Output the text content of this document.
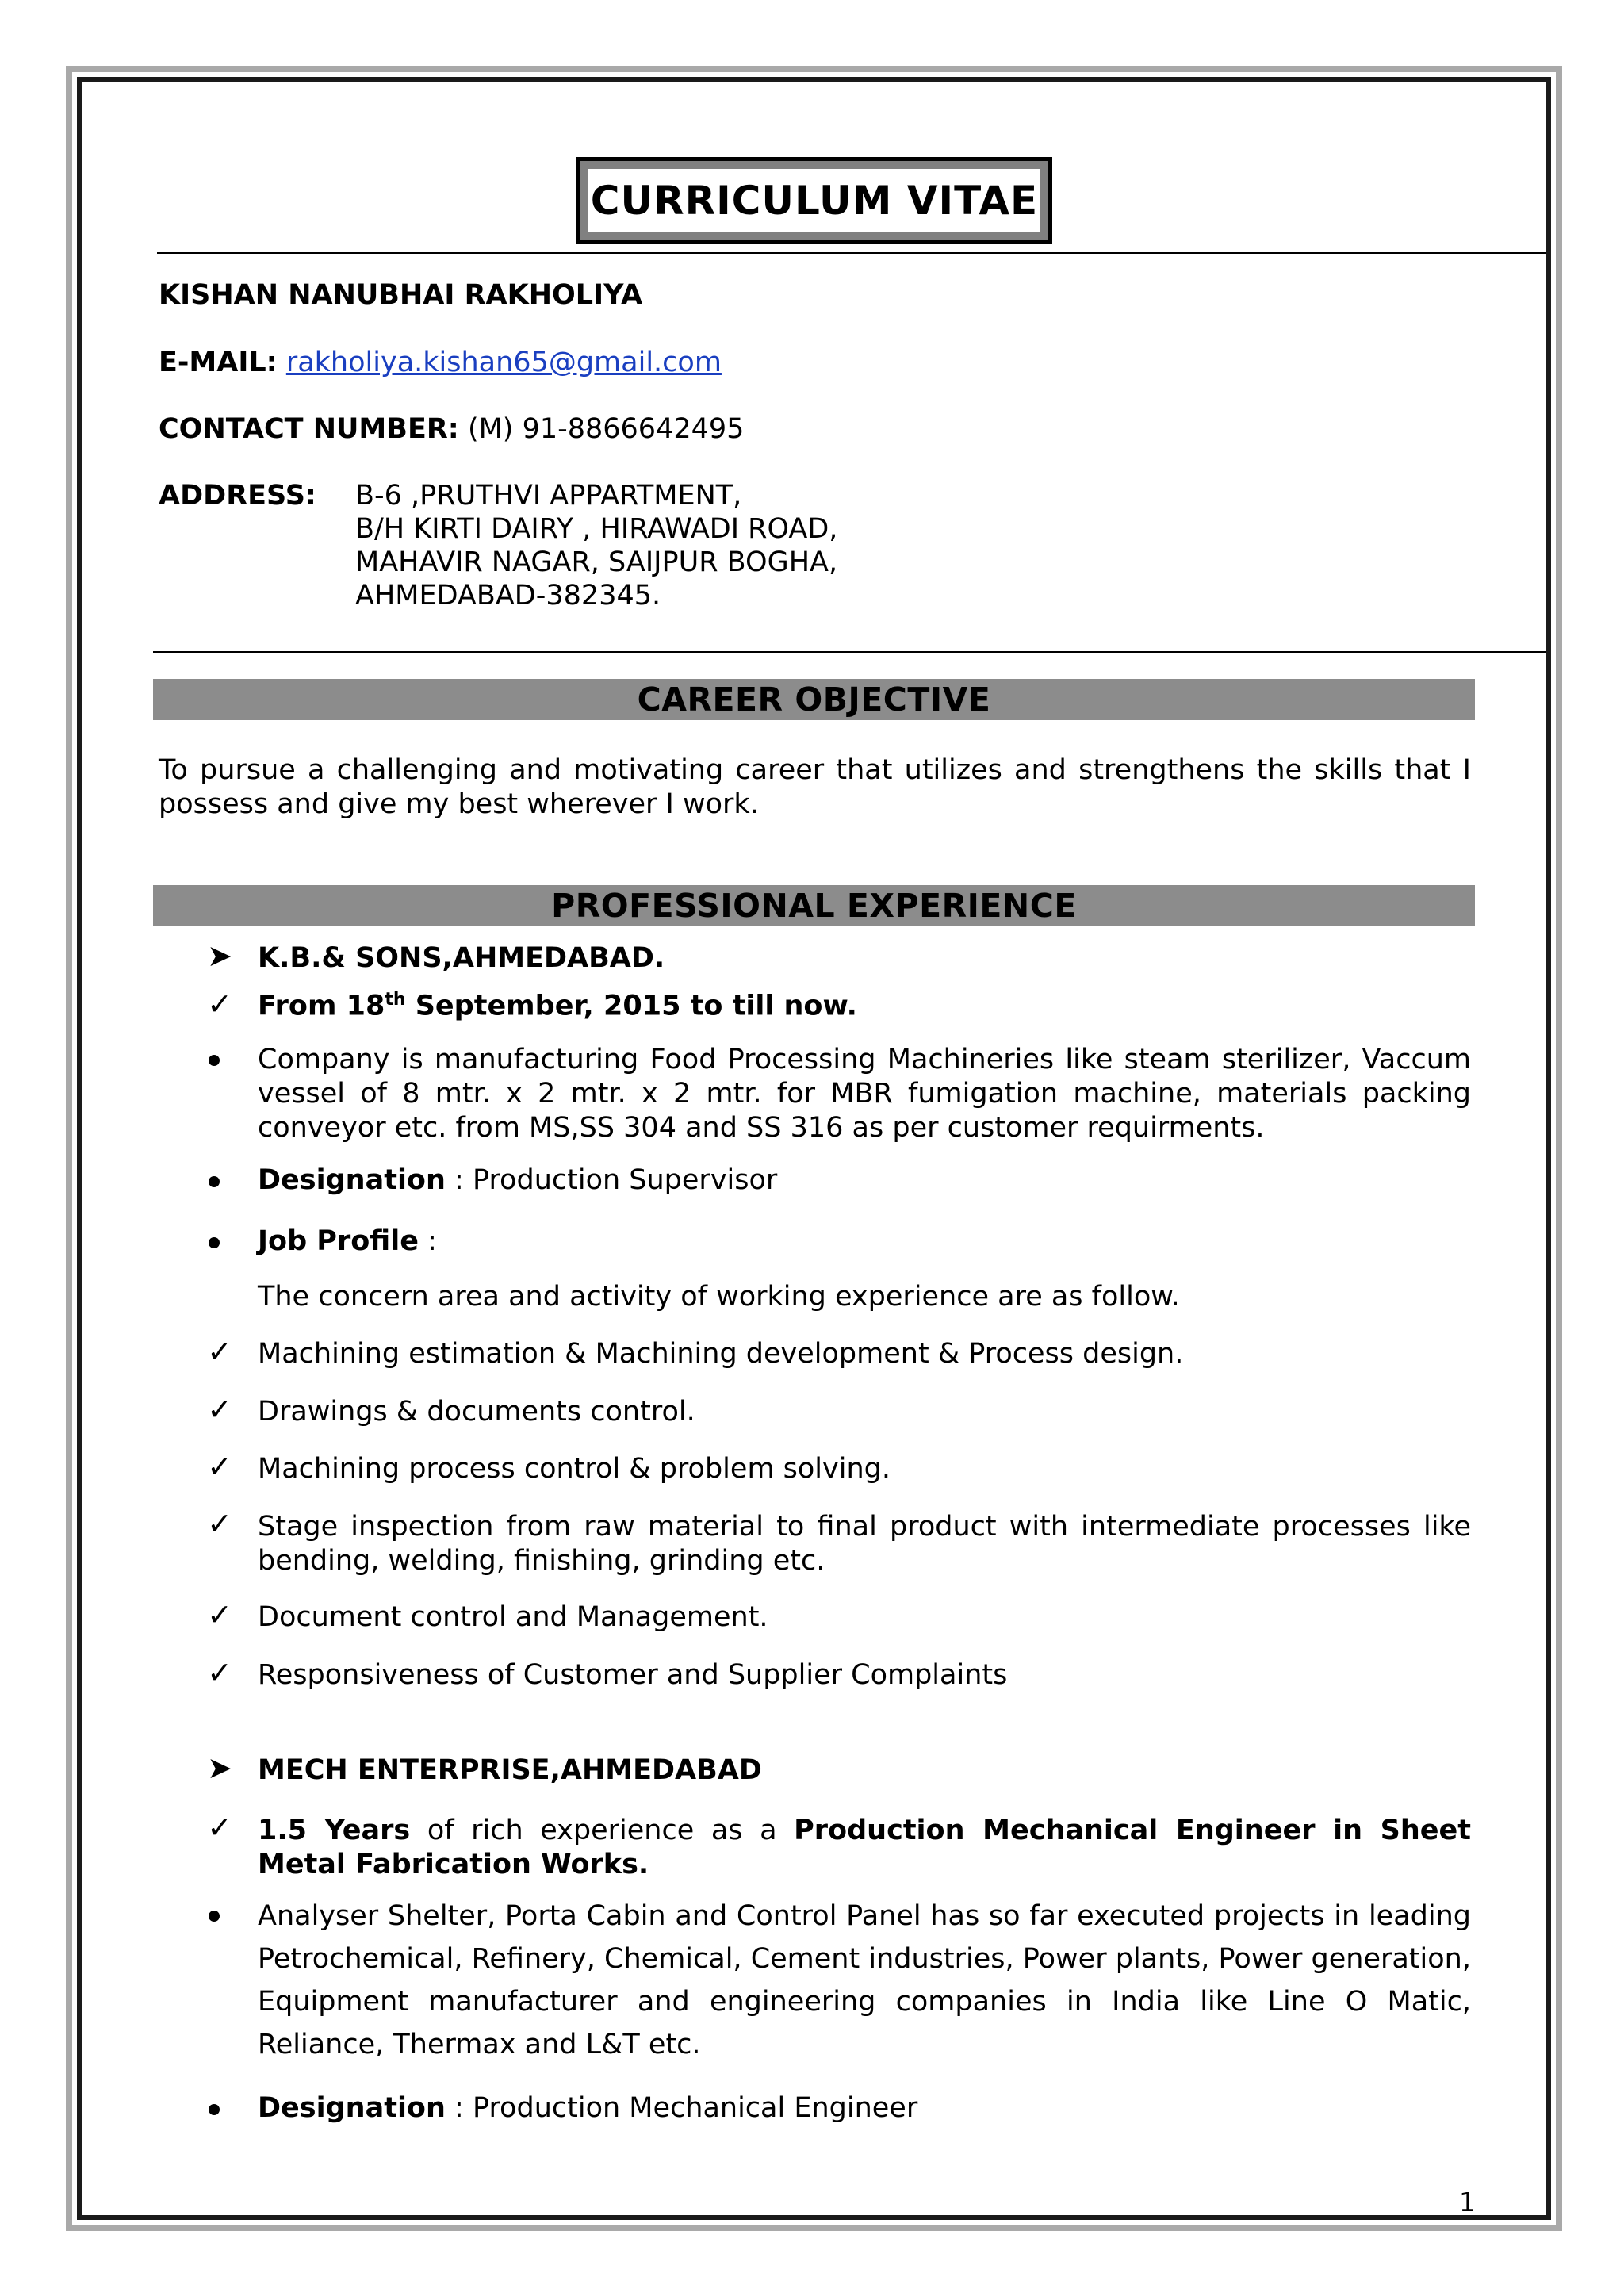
CURRICULUM VITAE
KISHAN NANUBHAI RAKHOLIYA
E-MAIL: rakholiya.kishan65@gmail.com
CONTACT NUMBER: (M) 91-8866642495
ADDRESS: B-6 ,PRUTHVI APPARTMENT,
B/H KIRTI DAIRY , HIRAWADI ROAD,
MAHAVIR NAGAR, SAIJPUR BOGHA,
AHMEDABAD-382345.
CAREER OBJECTIVE
To pursue a challenging and motivating career that utilizes and strengthens the skills that I possess and give my best wherever I work.
PROFESSIONAL EXPERIENCE
➤ K.B.& SONS,AHMEDABAD.
✓ From 18th September, 2015 to till now.
Company is manufacturing Food Processing Machineries like steam sterilizer, Vaccum vessel of 8 mtr. x 2 mtr. x 2 mtr. for MBR fumigation machine, materials packing conveyor etc. from MS,SS 304 and SS 316 as per customer requirments.
Designation : Production Supervisor
Job Profile :
The concern area and activity of working experience are as follow.
✓ Machining estimation & Machining development & Process design.
✓ Drawings & documents control.
✓ Machining process control & problem solving.
✓ Stage inspection from raw material to final product with intermediate processes like bending, welding, finishing, grinding etc.
✓ Document control and Management.
✓ Responsiveness of Customer and Supplier Complaints
➤ MECH ENTERPRISE,AHMEDABAD
✓ 1.5 Years of rich experience as a Production Mechanical Engineer in Sheet Metal Fabrication Works.
Analyser Shelter, Porta Cabin and Control Panel has so far executed projects in leading Petrochemical, Refinery, Chemical, Cement industries, Power plants, Power generation, Equipment manufacturer and engineering companies in India like Line O Matic, Reliance, Thermax and L&T etc.
Designation : Production Mechanical Engineer
1
